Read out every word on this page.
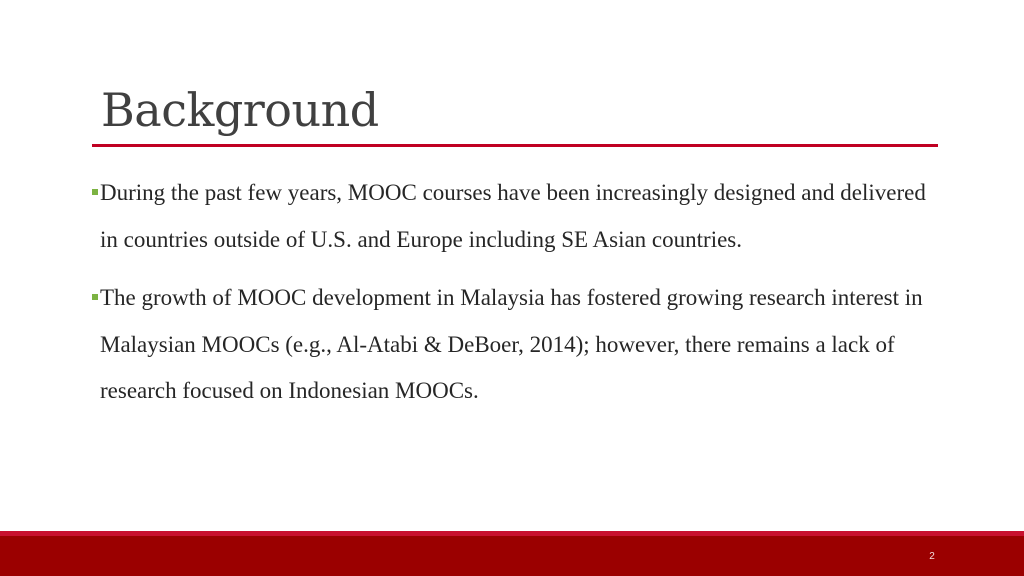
Background

During the past few years, MOOC courses have been increasingly designed and delivered in countries outside of U.S. and Europe including SE Asian countries.

The growth of MOOC development in Malaysia has fostered growing research interest in Malaysian MOOCs (e.g., Al-Atabi & DeBoer, 2014); however, there remains a lack of research focused on Indonesian MOOCs.

2
